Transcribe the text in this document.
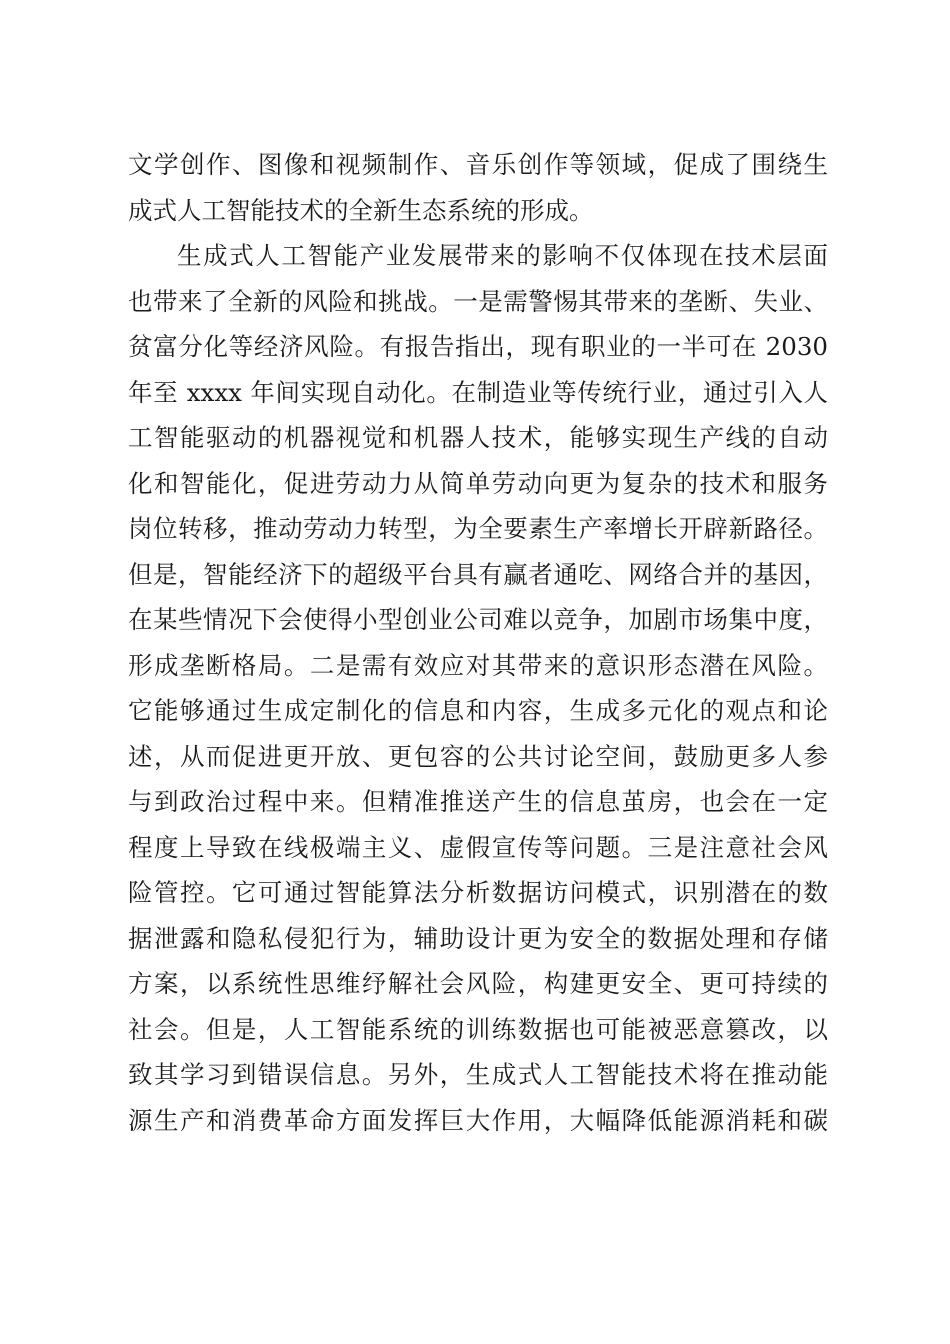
文学创作、图像和视频制作、音乐创作等领域，促成了围绕生
成式人工智能技术的全新生态系统的形成。
生成式人工智能产业发展带来的影响不仅体现在技术层面
也带来了全新的风险和挑战。一是需警惕其带来的垄断、失业、
贫富分化等经济风险。有报告指出，现有职业的一半可在 2030
年至 xxxx 年间实现自动化。在制造业等传统行业，通过引入人
工智能驱动的机器视觉和机器人技术，能够实现生产线的自动
化和智能化，促进劳动力从简单劳动向更为复杂的技术和服务
岗位转移，推动劳动力转型，为全要素生产率增长开辟新路径。
但是，智能经济下的超级平台具有赢者通吃、网络合并的基因，
在某些情况下会使得小型创业公司难以竞争，加剧市场集中度，
形成垄断格局。二是需有效应对其带来的意识形态潜在风险。
它能够通过生成定制化的信息和内容，生成多元化的观点和论
述，从而促进更开放、更包容的公共讨论空间，鼓励更多人参
与到政治过程中来。但精准推送产生的信息茧房，也会在一定
程度上导致在线极端主义、虚假宣传等问题。三是注意社会风
险管控。它可通过智能算法分析数据访问模式，识别潜在的数
据泄露和隐私侵犯行为，辅助设计更为安全的数据处理和存储
方案，以系统性思维纾解社会风险，构建更安全、更可持续的
社会。但是，人工智能系统的训练数据也可能被恶意篡改，以
致其学习到错误信息。另外，生成式人工智能技术将在推动能
源生产和消费革命方面发挥巨大作用，大幅降低能源消耗和碳
